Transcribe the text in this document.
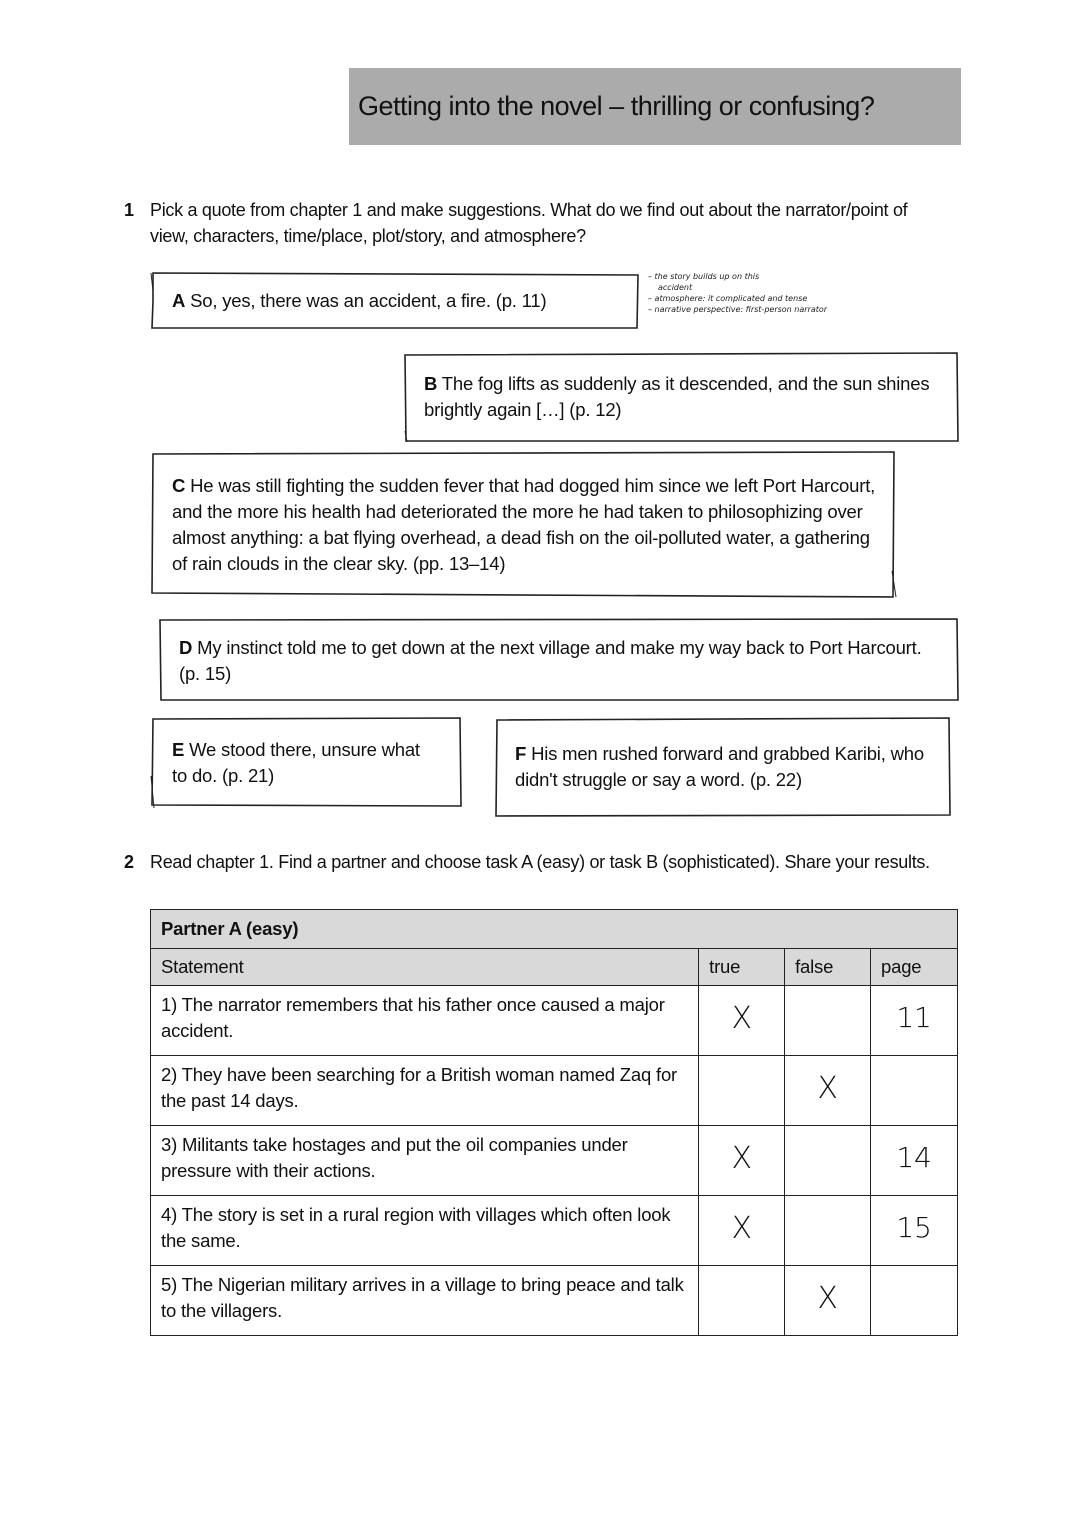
Getting into the novel – thrilling or confusing?
1 Pick a quote from chapter 1 and make suggestions. What do we find out about the narrator/point of view, characters, time/place, plot/story, and atmosphere?
A So, yes, there was an accident, a fire. (p. 11)
– the story builds up on this
accident
– atmosphere: it complicated and tense
– narrative perspective: first-person narrator
B The fog lifts as suddenly as it descended, and the sun shines brightly again […] (p. 12)
C He was still fighting the sudden fever that had dogged him since we left Port Harcourt, and the more his health had deteriorated the more he had taken to philosophizing over almost anything: a bat flying overhead, a dead fish on the oil-polluted water, a gathering of rain clouds in the clear sky. (pp. 13–14)
D My instinct told me to get down at the next village and make my way back to Port Harcourt. (p. 15)
E We stood there, unsure what to do. (p. 21)
F His men rushed forward and grabbed Karibi, who didn't struggle or say a word. (p. 22)
2 Read chapter 1. Find a partner and choose task A (easy) or task B (sophisticated). Share your results.
Partner A (easy)			
Statement	true	false	page
1) The narrator remembers that his father once caused a major accident.	X		11

2) They have been searching for a British woman named Zaq for the past 14 days.		X	

3) Militants take hostages and put the oil companies under pressure with their actions.	X		14

4) The story is set in a rural region with villages which often look the same.	X		15

5) The Nigerian military arrives in a village to bring peace and talk to the villagers.		X	
